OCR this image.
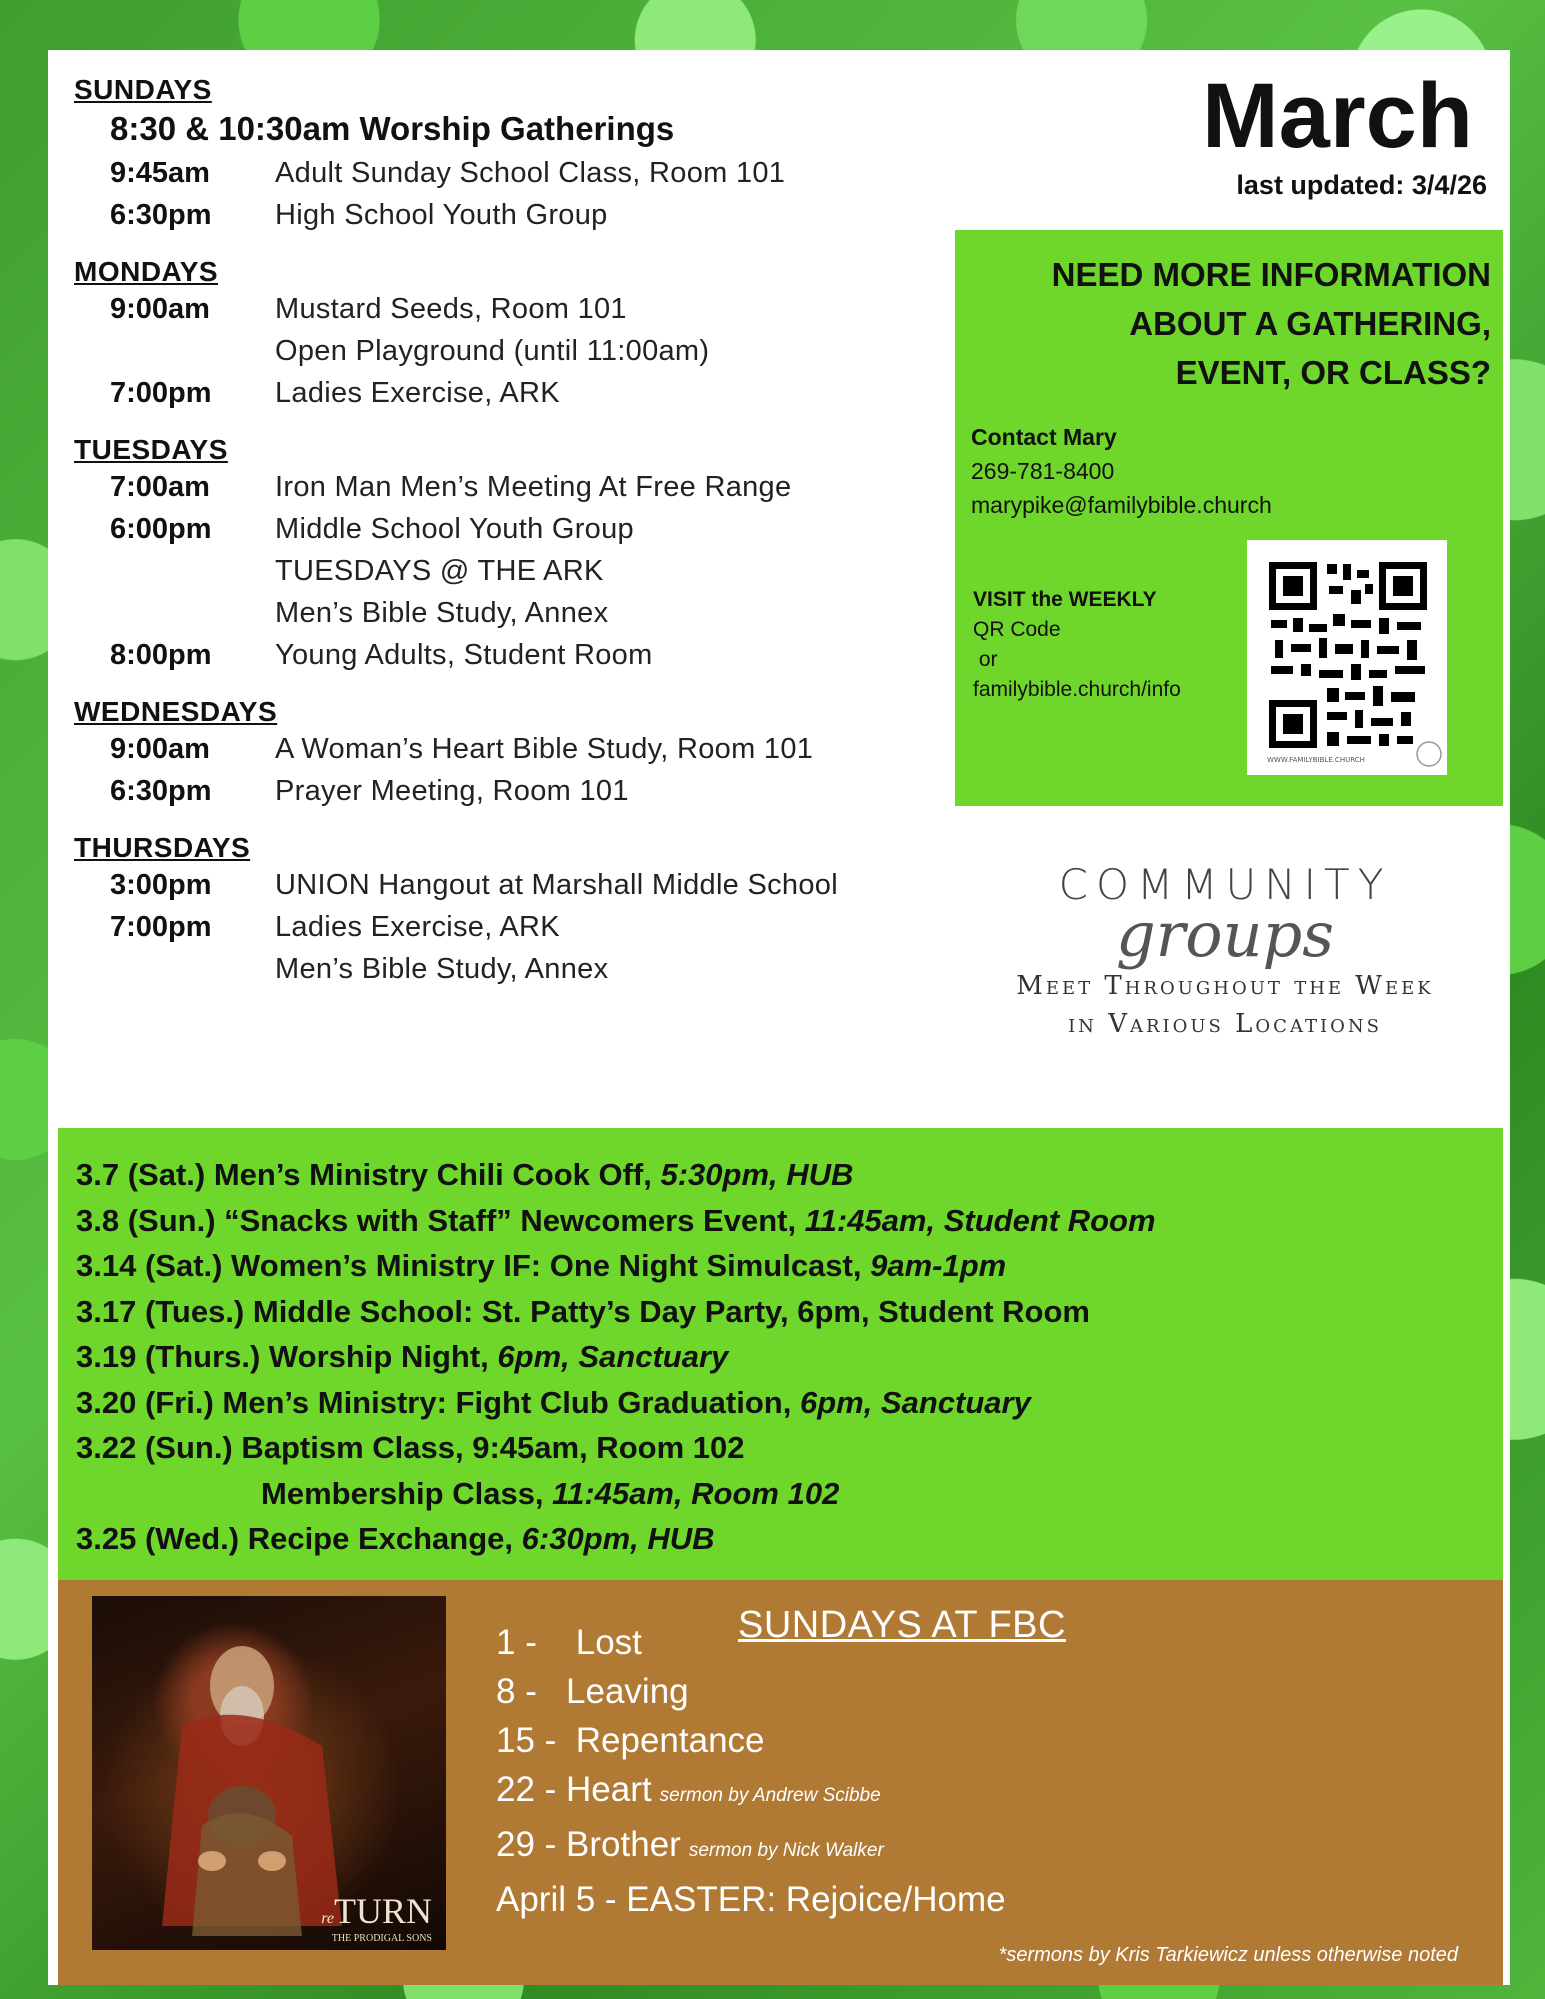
SUNDAYS
8:30 & 10:30am Worship Gatherings
9:45am	Adult Sunday School Class, Room 101
6:30pm	High School Youth Group
MONDAYS
9:00am	Mustard Seeds, Room 101
Open Playground (until 11:00am)
7:00pm	Ladies Exercise, ARK
TUESDAYS
7:00am	Iron Man Men’s Meeting At Free Range
6:00pm	Middle School Youth Group
TUESDAYS @ THE ARK
Men’s Bible Study, Annex
8:00pm	Young Adults, Student Room
WEDNESDAYS
9:00am	A Woman’s Heart Bible Study, Room 101
6:30pm	Prayer Meeting, Room 101
THURSDAYS
3:00pm	UNION Hangout at Marshall Middle School
7:00pm	Ladies Exercise, ARK
Men’s Bible Study, Annex
March
last updated: 3/4/26
NEED MORE INFORMATION
ABOUT A GATHERING,
EVENT, OR CLASS?
Contact Mary
269-781-8400
marypike@familybible.church
VISIT the WEEKLY
QR Code
or
familybible.church/info
WWW.FAMILYBIBLE.CHURCH
COMMUNITY
groups
Meet Throughout the Week
in Various Locations
3.7 (Sat.) Men’s Ministry Chili Cook Off, 5:30pm, HUB
3.8 (Sun.) “Snacks with Staff” Newcomers Event, 11:45am, Student Room
3.14 (Sat.) Women’s Ministry IF: One Night Simulcast, 9am-1pm
3.17 (Tues.) Middle School: St. Patty’s Day Party, 6pm, Student Room
3.19 (Thurs.) Worship Night, 6pm, Sanctuary
3.20 (Fri.) Men’s Ministry: Fight Club Graduation, 6pm, Sanctuary
3.22 (Sun.) Baptism Class, 9:45am, Room 102
Membership Class, 11:45am, Room 102
3.25 (Wed.) Recipe Exchange, 6:30pm, HUB
reTURN
THE PRODIGAL SONS
SUNDAYS AT FBC
1 -    Lost
8 -   Leaving
15 -  Repentance
22 - Heart sermon by Andrew Scibbe
29 - Brother sermon by Nick Walker
April 5 - EASTER: Rejoice/Home
*sermons by Kris Tarkiewicz unless otherwise noted
